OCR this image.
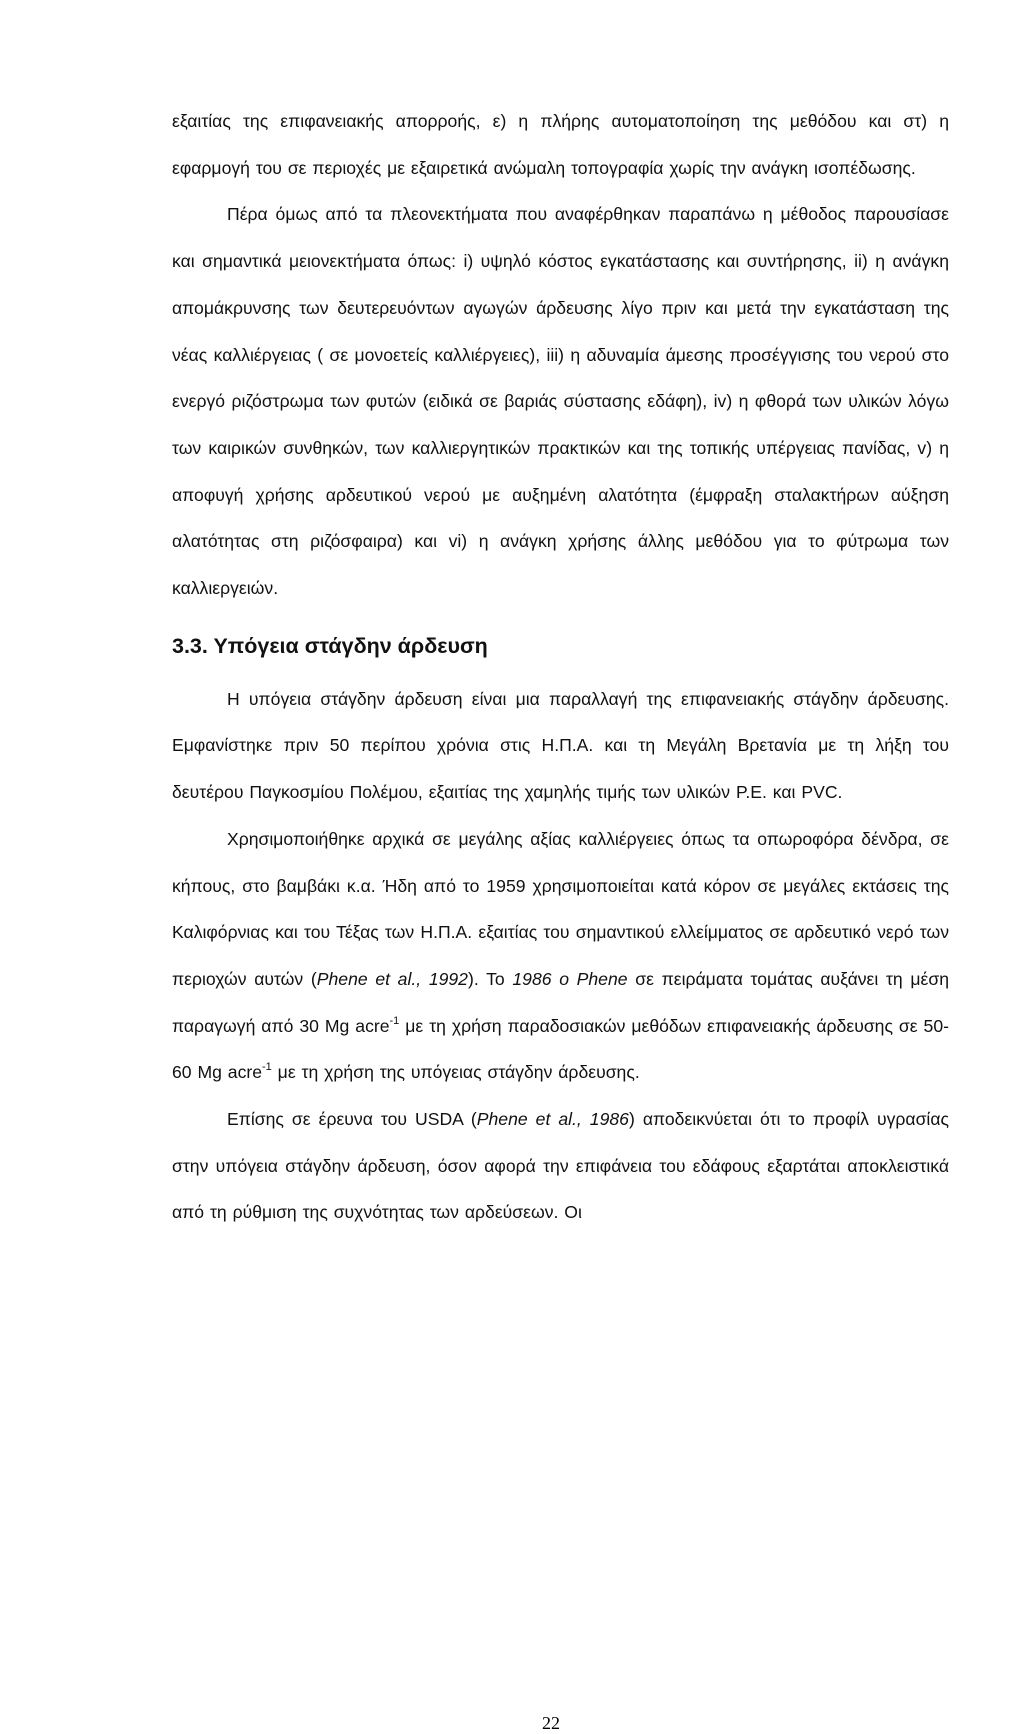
εξαιτίας της επιφανειακής απορροής, ε) η πλήρης αυτοματοποίηση της μεθόδου και στ) η εφαρμογή του σε περιοχές με εξαιρετικά ανώμαλη τοπογραφία χωρίς την ανάγκη ισοπέδωσης.

Πέρα όμως από τα πλεονεκτήματα που αναφέρθηκαν παραπάνω η μέθοδος παρουσίασε και σημαντικά μειονεκτήματα όπως: i) υψηλό κόστος εγκατάστασης και συντήρησης, ii) η ανάγκη απομάκρυνσης των δευτερευόντων αγωγών άρδευσης λίγο πριν και μετά την εγκατάσταση της νέας καλλιέργειας ( σε μονοετείς καλλιέργειες), iii) η αδυναμία άμεσης προσέγγισης του νερού στο ενεργό ριζόστρωμα των φυτών (ειδικά σε βαριάς σύστασης εδάφη), iv) η φθορά των υλικών λόγω των καιρικών συνθηκών, των καλλιεργητικών πρακτικών και της τοπικής υπέργειας πανίδας, v) η αποφυγή χρήσης αρδευτικού νερού με αυξημένη αλατότητα (έμφραξη σταλακτήρων αύξηση αλατότητας στη ριζόσφαιρα) και vi) η ανάγκη χρήσης άλλης μεθόδου για το φύτρωμα των καλλιεργειών.

3.3. Υπόγεια στάγδην άρδευση

Η υπόγεια στάγδην άρδευση είναι μια παραλλαγή της επιφανειακής στάγδην άρδευσης. Εμφανίστηκε πριν 50 περίπου χρόνια στις Η.Π.Α. και τη Μεγάλη Βρετανία με τη λήξη του δευτέρου Παγκοσμίου Πολέμου, εξαιτίας της χαμηλής τιμής των υλικών P.E. και PVC.

Χρησιμοποιήθηκε αρχικά σε μεγάλης αξίας καλλιέργειες όπως τα οπωροφόρα δένδρα, σε κήπους, στο βαμβάκι κ.α. Ήδη από το 1959 χρησιμοποιείται κατά κόρον σε μεγάλες εκτάσεις της Καλιφόρνιας και του Τέξας των Η.Π.Α. εξαιτίας του σημαντικού ελλείμματος σε αρδευτικό νερό των περιοχών αυτών (Phene et al., 1992). Το 1986 ο Phene σε πειράματα τομάτας αυξάνει τη μέση παραγωγή από 30 Mg acre$^{-1}$ με τη χρήση παραδοσιακών μεθόδων επιφανειακής άρδευσης σε 50-60 Mg acre$^{-1}$ με τη χρήση της υπόγειας στάγδην άρδευσης.

Επίσης σε έρευνα του USDA (Phene et al., 1986) αποδεικνύεται ότι το προφίλ υγρασίας στην υπόγεια στάγδην άρδευση, όσον αφορά την επιφάνεια του εδάφους εξαρτάται αποκλειστικά από τη ρύθμιση της συχνότητας των αρδεύσεων. Οι

22
